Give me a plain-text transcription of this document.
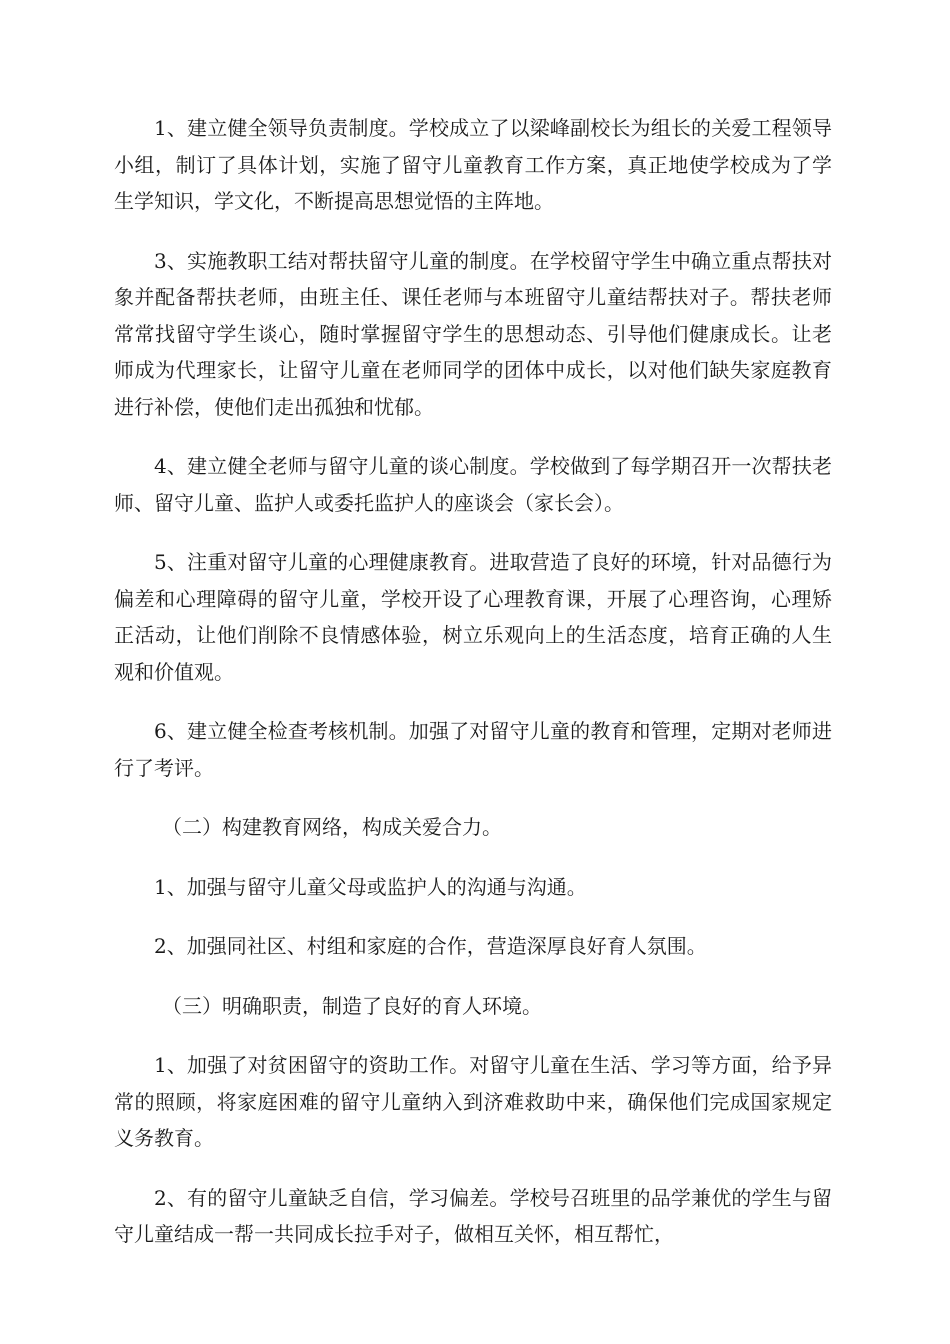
1、建立健全领导负责制度。学校成立了以梁峰副校长为组长的关爱工程领导小组，制订了具体计划，实施了留守儿童教育工作方案，真正地使学校成为了学生学知识，学文化，不断提高思想觉悟的主阵地。

3、实施教职工结对帮扶留守儿童的制度。在学校留守学生中确立重点帮扶对象并配备帮扶老师，由班主任、课任老师与本班留守儿童结帮扶对子。帮扶老师常常找留守学生谈心，随时掌握留守学生的思想动态、引导他们健康成长。让老师成为代理家长，让留守儿童在老师同学的团体中成长，以对他们缺失家庭教育进行补偿，使他们走出孤独和忧郁。

4、建立健全老师与留守儿童的谈心制度。学校做到了每学期召开一次帮扶老师、留守儿童、监护人或委托监护人的座谈会（家长会）。

5、注重对留守儿童的心理健康教育。进取营造了良好的环境，针对品德行为偏差和心理障碍的留守儿童，学校开设了心理教育课，开展了心理咨询，心理矫正活动，让他们削除不良情感体验，树立乐观向上的生活态度，培育正确的人生观和价值观。

6、建立健全检查考核机制。加强了对留守儿童的教育和管理，定期对老师进行了考评。

（二）构建教育网络，构成关爱合力。

1、加强与留守儿童父母或监护人的沟通与沟通。

2、加强同社区、村组和家庭的合作，营造深厚良好育人氛围。

（三）明确职责，制造了良好的育人环境。

1、加强了对贫困留守的资助工作。对留守儿童在生活、学习等方面，给予异常的照顾，将家庭困难的留守儿童纳入到济难救助中来，确保他们完成国家规定义务教育。

2、有的留守儿童缺乏自信，学习偏差。学校号召班里的品学兼优的学生与留守儿童结成一帮一共同成长拉手对子，做相互关怀，相互帮忙，
